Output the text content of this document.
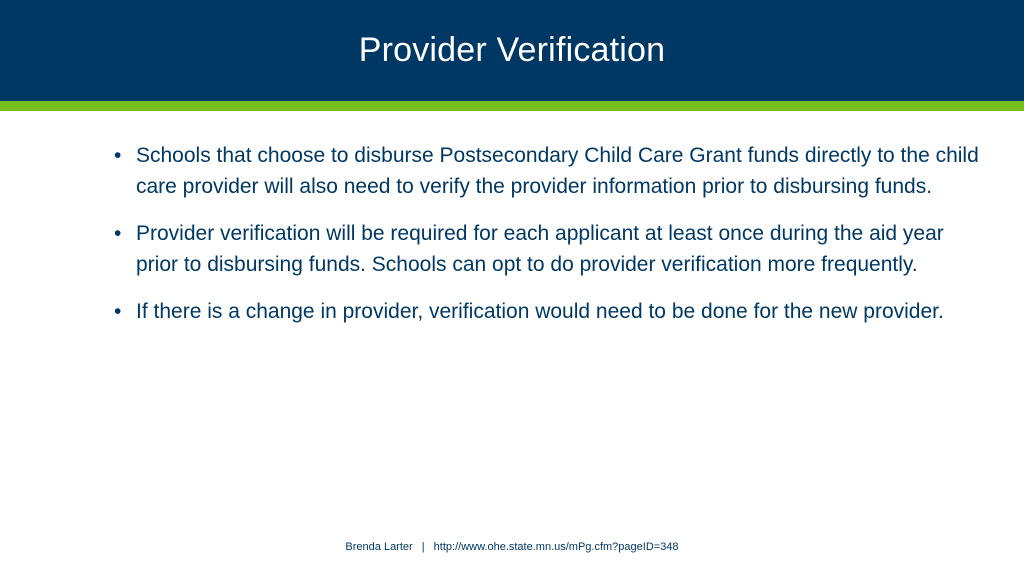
Provider Verification
• Schools that choose to disburse Postsecondary Child Care Grant funds directly to the child care provider will also need to verify the provider information prior to disbursing funds.
• Provider verification will be required for each applicant at least once during the aid year prior to disbursing funds. Schools can opt to do provider verification more frequently.
• If there is a change in provider, verification would need to be done for the new provider.
Brenda Larter | http://www.ohe.state.mn.us/mPg.cfm?pageID=348
